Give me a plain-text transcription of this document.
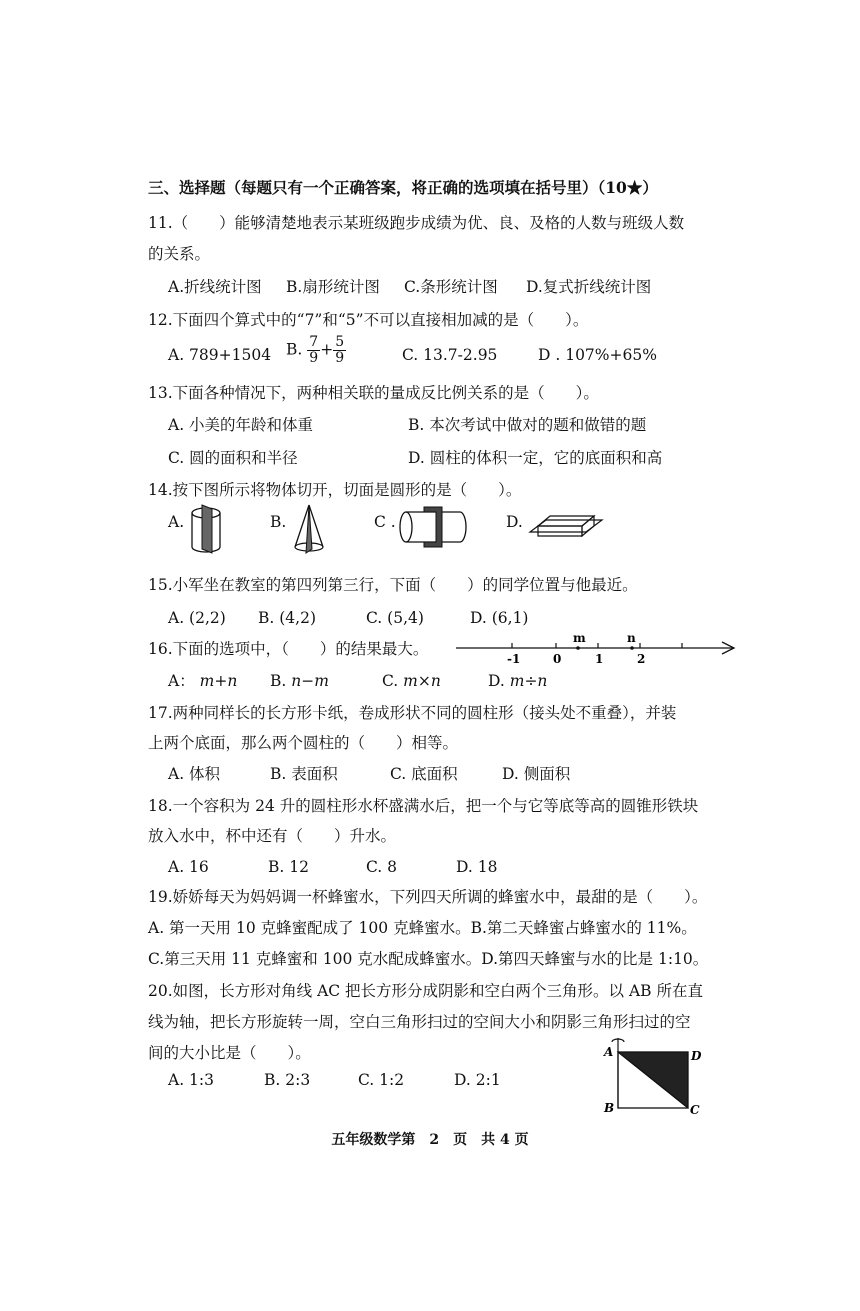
三、选择题（每题只有一个正确答案，将正确的选项填在括号里）（10★）
11.（　　）能够清楚地表示某班级跑步成绩为优、良、及格的人数与班级人数
的关系。
A.折线统计图 B.扇形统计图 C.条形统计图 D.复式折线统计图
12.下面四个算式中的“7”和“5”不可以直接相加减的是（　　）。
A. 789+1504 B. $\frac{7}{9} + \frac{5}{9}$	C. 13.7-2.95	D . 107%+65%
13.下面各种情况下，两种相关联的量成反比例关系的是（　　）。
A. 小美的年龄和体重	B. 本次考试中做对的题和做错的题
C. 圆的面积和半径	D. 圆柱的体积一定，它的底面积和高
14.按下图所示将物体切开，切面是圆形的是（　　）。
A.	B.	C .	D.
15.小军坐在教室的第四列第三行，下面（　　）的同学位置与他最近。
A. (2,2) B. (4,2)	C. (5,4)	D. (6,1)
16.下面的选项中，（　　）的结果最大。
-1	0	1	2
m	n
A： m+n B. n−m	C. m×n	D. m÷n
17.两种同样长的长方形卡纸，卷成形状不同的圆柱形（接头处不重叠），并装
上两个底面，那么两个圆柱的（　　）相等。
A. 体积	B. 表面积	C. 底面积	D. 侧面积
18.一个容积为 24 升的圆柱形水杯盛满水后，把一个与它等底等高的圆锥形铁块
放入水中，杯中还有（　　）升水。
A. 16	B. 12	C. 8	D. 18
19.娇娇每天为妈妈调一杯蜂蜜水，下列四天所调的蜂蜜水中，最甜的是（　　）。
A. 第一天用 10 克蜂蜜配成了 100 克蜂蜜水。B.第二天蜂蜜占蜂蜜水的 11%。
C.第三天用 11 克蜂蜜和 100 克水配成蜂蜜水。D.第四天蜂蜜与水的比是 1:10。
20.如图，长方形对角线 AC 把长方形分成阴影和空白两个三角形。以 AB 所在直
线为轴，把长方形旋转一周，空白三角形扫过的空间大小和阴影三角形扫过的空
间的大小比是（　　）。
A. 1:3	B. 2:3	C. 1:2	D. 2:1
A	D
B	C
五年级数学第　2　页　共 4 页
